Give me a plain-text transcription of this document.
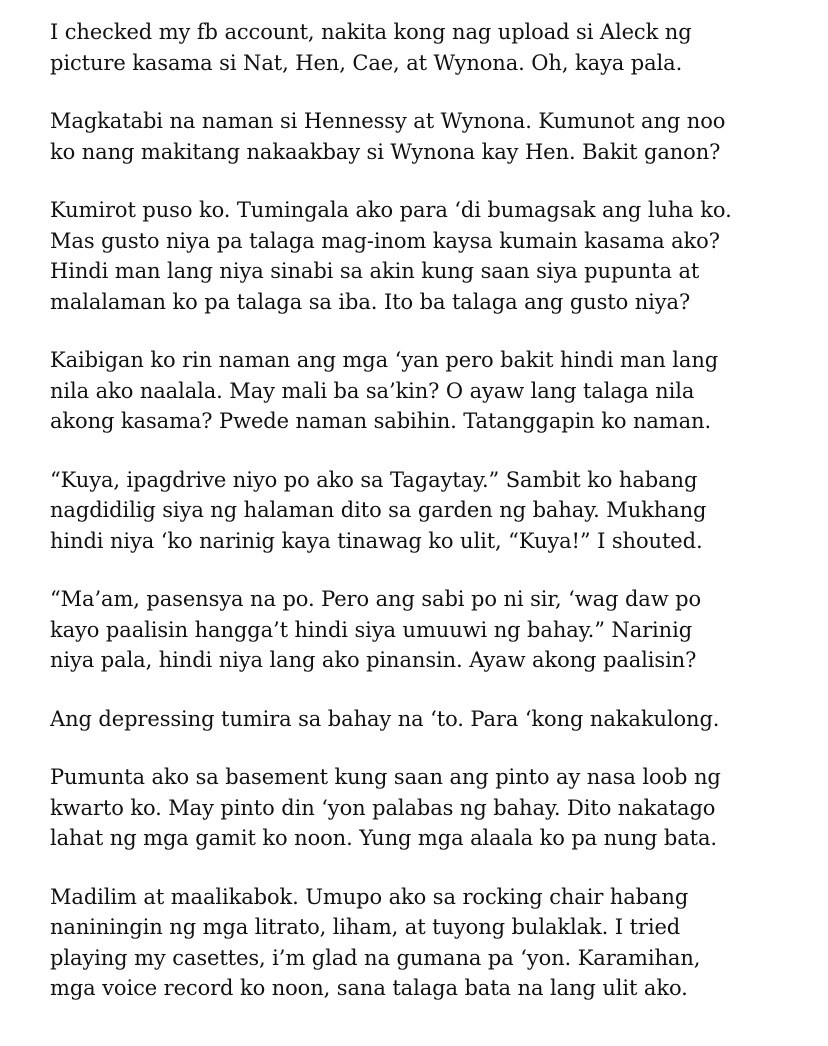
I checked my fb account, nakita kong nag upload si Aleck ng
picture kasama si Nat, Hen, Cae, at Wynona. Oh, kaya pala.

Magkatabi na naman si Hennessy at Wynona. Kumunot ang noo
ko nang makitang nakaakbay si Wynona kay Hen. Bakit ganon?

Kumirot puso ko. Tumingala ako para ‘di bumagsak ang luha ko.
Mas gusto niya pa talaga mag-inom kaysa kumain kasama ako?
Hindi man lang niya sinabi sa akin kung saan siya pupunta at
malalaman ko pa talaga sa iba. Ito ba talaga ang gusto niya?

Kaibigan ko rin naman ang mga ‘yan pero bakit hindi man lang
nila ako naalala. May mali ba sa’kin? O ayaw lang talaga nila
akong kasama? Pwede naman sabihin. Tatanggapin ko naman.

“Kuya, ipagdrive niyo po ako sa Tagaytay.” Sambit ko habang
nagdidilig siya ng halaman dito sa garden ng bahay. Mukhang
hindi niya ‘ko narinig kaya tinawag ko ulit, “Kuya!” I shouted.

“Ma’am, pasensya na po. Pero ang sabi po ni sir, ‘wag daw po
kayo paalisin hangga’t hindi siya umuuwi ng bahay.” Narinig
niya pala, hindi niya lang ako pinansin. Ayaw akong paalisin?

Ang depressing tumira sa bahay na ‘to. Para ‘kong nakakulong.

Pumunta ako sa basement kung saan ang pinto ay nasa loob ng
kwarto ko. May pinto din ‘yon palabas ng bahay. Dito nakatago
lahat ng mga gamit ko noon. Yung mga alaala ko pa nung bata.

Madilim at maalikabok. Umupo ako sa rocking chair habang
naniningin ng mga litrato, liham, at tuyong bulaklak. I tried
playing my casettes, i’m glad na gumana pa ‘yon. Karamihan,
mga voice record ko noon, sana talaga bata na lang ulit ako.
